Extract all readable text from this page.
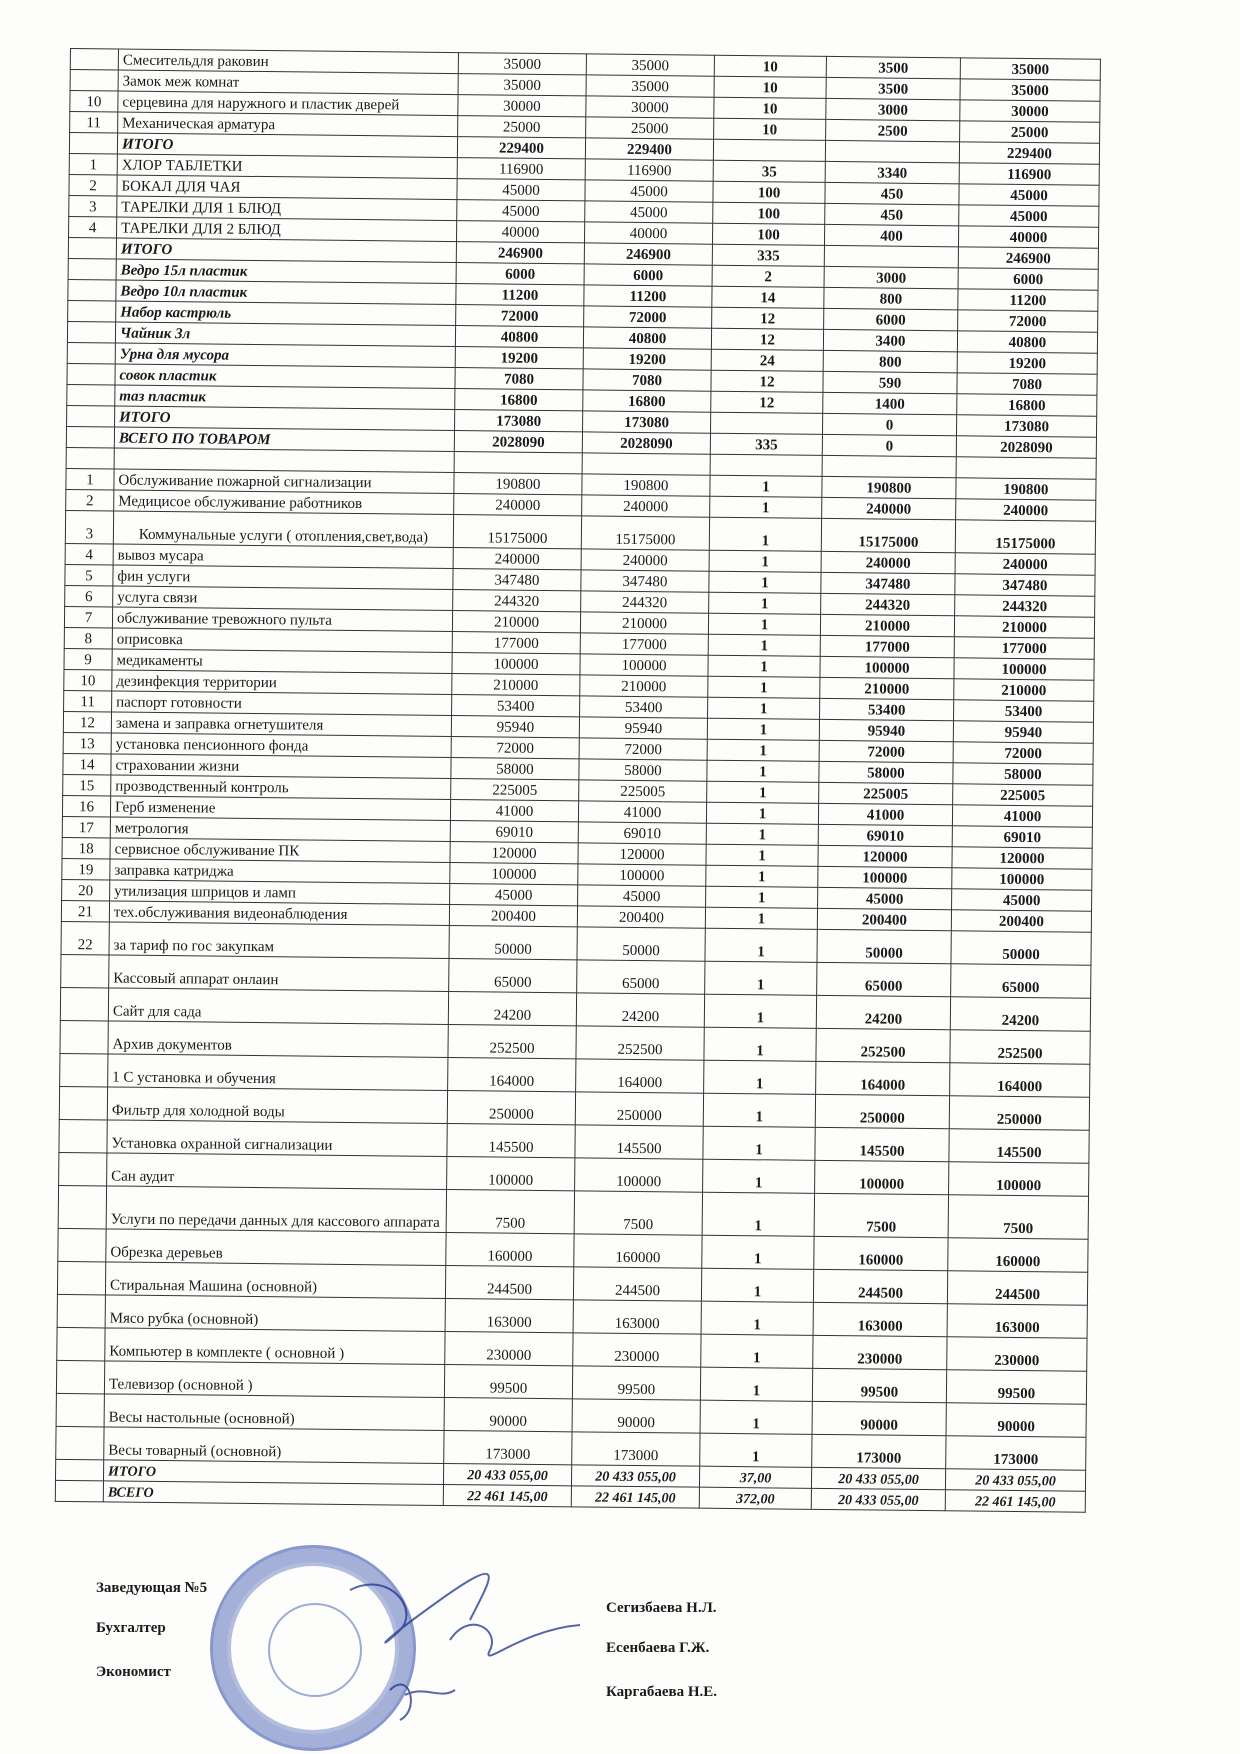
	Смесительдля раковин	35000	35000	10	3500	35000
	Замок меж комнат	35000	35000	10	3500	35000
10	серцевина для наружного и пластик дверей	30000	30000	10	3000	30000
11	Механическая арматура	25000	25000	10	2500	25000
	ИТОГО	229400	229400			229400
1	ХЛОР ТАБЛЕТКИ	116900	116900	35	3340	116900
2	БОКАЛ ДЛЯ ЧАЯ	45000	45000	100	450	45000
3	ТАРЕЛКИ ДЛЯ 1 БЛЮД	45000	45000	100	450	45000
4	ТАРЕЛКИ ДЛЯ 2 БЛЮД	40000	40000	100	400	40000
	ИТОГО	246900	246900	335		246900
	Ведро 15л пластик	6000	6000	2	3000	6000
	Ведро 10л пластик	11200	11200	14	800	11200
	Набор кастрюль	72000	72000	12	6000	72000
	Чайник 3л	40800	40800	12	3400	40800
	Урна для мусора	19200	19200	24	800	19200
	совок пластик	7080	7080	12	590	7080
	таз пластик	16800	16800	12	1400	16800
	ИТОГО	173080	173080		0	173080
	ВСЕГО ПО ТОВАРОМ	2028090	2028090	335	0	2028090

1	Обслуживание пожарной сигнализации	190800	190800	1	190800	190800
2	Медицисое обслуживание работников	240000	240000	1	240000	240000
3	Коммунальные услуги ( отопления,свет,вода)	15175000	15175000	1	15175000	15175000
4	вывоз мусара	240000	240000	1	240000	240000
5	фин услуги	347480	347480	1	347480	347480
6	услуга связи	244320	244320	1	244320	244320
7	обслуживание тревожного пульта	210000	210000	1	210000	210000
8	оприсовка	177000	177000	1	177000	177000
9	медикаменты	100000	100000	1	100000	100000
10	дезинфекция территории	210000	210000	1	210000	210000
11	паспорт готовности	53400	53400	1	53400	53400
12	замена и заправка огнетушителя	95940	95940	1	95940	95940
13	установка пенсионного фонда	72000	72000	1	72000	72000
14	страховании жизни	58000	58000	1	58000	58000
15	прозводственный контроль	225005	225005	1	225005	225005
16	Герб изменение	41000	41000	1	41000	41000
17	метрология	69010	69010	1	69010	69010
18	сервисное обслуживание ПК	120000	120000	1	120000	120000
19	заправка катриджа	100000	100000	1	100000	100000
20	утилизация шприцов и ламп	45000	45000	1	45000	45000
21	тех.обслуживания видеонаблюдения	200400	200400	1	200400	200400
22	за тариф по гос закупкам	50000	50000	1	50000	50000
	Кассовый аппарат онлаин	65000	65000	1	65000	65000
	Сайт для сада	24200	24200	1	24200	24200
	Архив документов	252500	252500	1	252500	252500
	1 С установка и обучения	164000	164000	1	164000	164000
	Фильтр для холодной воды	250000	250000	1	250000	250000
	Установка охранной сигнализации	145500	145500	1	145500	145500
	Сан аудит	100000	100000	1	100000	100000
	Услуги по передачи данных для кассового аппарата	7500	7500	1	7500	7500
	Обрезка деревьев	160000	160000	1	160000	160000
	Стиральная Машина (основной)	244500	244500	1	244500	244500
	Мясо рубка (основной)	163000	163000	1	163000	163000
	Компьютер в комплекте ( основной )	230000	230000	1	230000	230000
	Телевизор (основной )	99500	99500	1	99500	99500
	Весы настольные (основной)	90000	90000	1	90000	90000
	Весы товарный (основной)	173000	173000	1	173000	173000
	ИТОГО	20 433 055,00	20 433 055,00	37,00	20 433 055,00	20 433 055,00
	ВСЕГО	22 461 145,00	22 461 145,00	372,00	20 433 055,00	22 461 145,00
Заведующая №5
Сегизбаева Н.Л.
Бухгалтер
Есенбаева Г.Ж.
Экономист
Каргабаева Н.Е.
